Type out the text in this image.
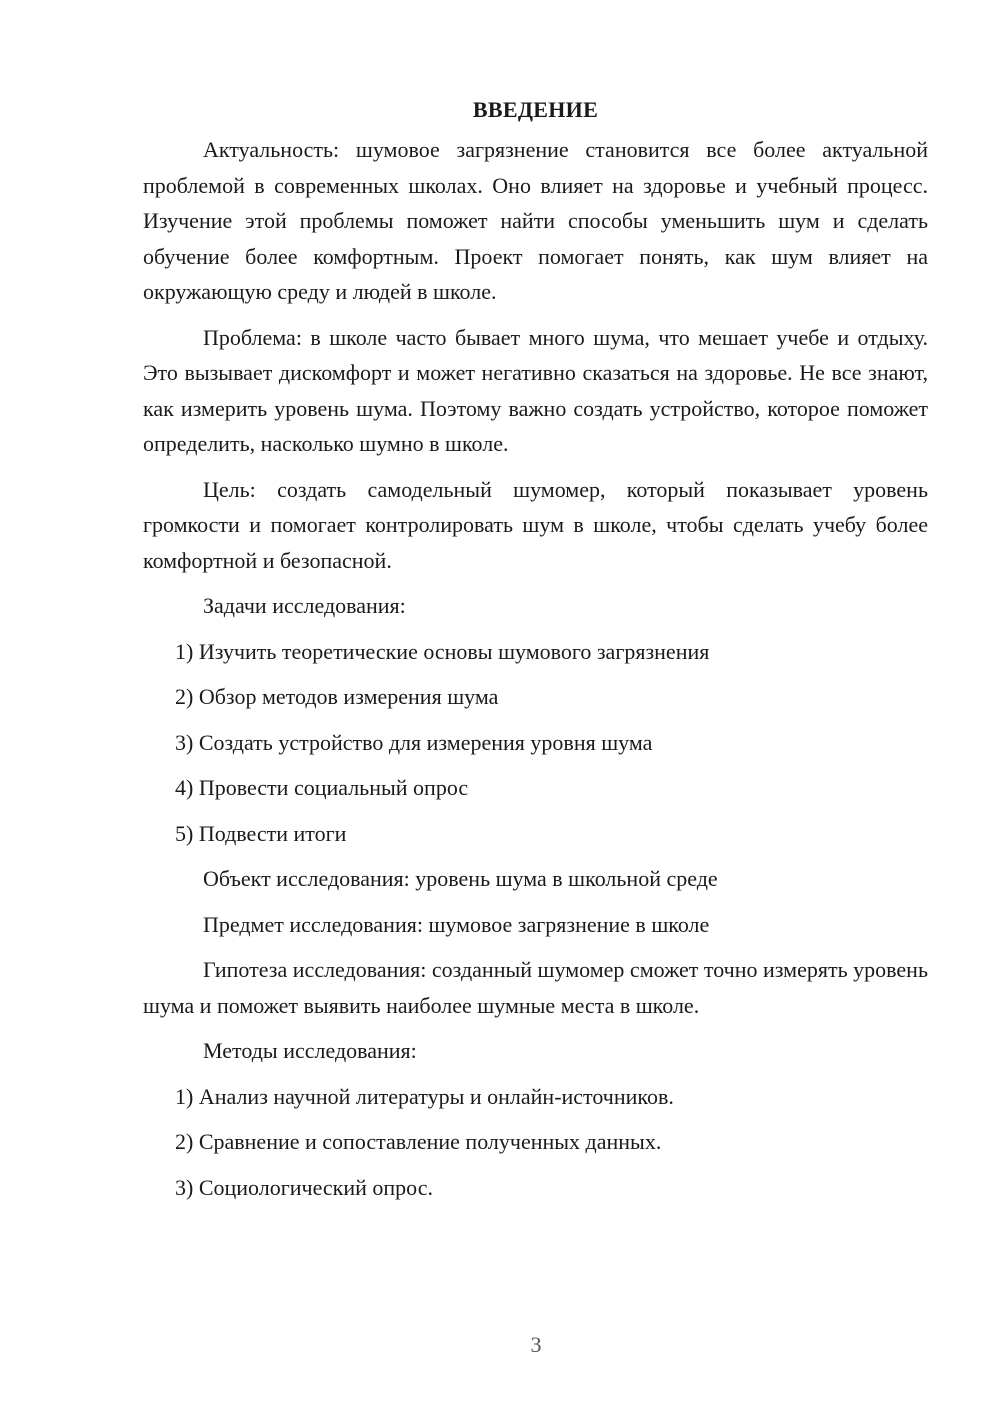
ВВЕДЕНИЕ

Актуальность: шумовое загрязнение становится все более актуальной проблемой в современных школах. Оно влияет на здоровье и учебный процесс. Изучение этой проблемы поможет найти способы уменьшить шум и сделать обучение более комфортным. Проект помогает понять, как шум влияет на окружающую среду и людей в школе.

Проблема: в школе часто бывает много шума, что мешает учебе и отдыху. Это вызывает дискомфорт и может негативно сказаться на здоровье. Не все знают, как измерить уровень шума. Поэтому важно создать устройство, которое поможет определить, насколько шумно в школе.

Цель: создать самодельный шумомер, который показывает уровень громкости и помогает контролировать шум в школе, чтобы сделать учебу более комфортной и безопасной.

Задачи исследования:
1) Изучить теоретические основы шумового загрязнения
2) Обзор методов измерения шума
3) Создать устройство для измерения уровня шума
4) Провести социальный опрос
5) Подвести итоги
Объект исследования: уровень шума в школьной среде
Предмет исследования: шумовое загрязнение в школе

Гипотеза исследования: созданный шумомер сможет точно измерять уровень шума и поможет выявить наиболее шумные места в школе.

Методы исследования:
1) Анализ научной литературы и онлайн-источников.
2) Сравнение и сопоставление полученных данных.
3) Социологический опрос.
3
